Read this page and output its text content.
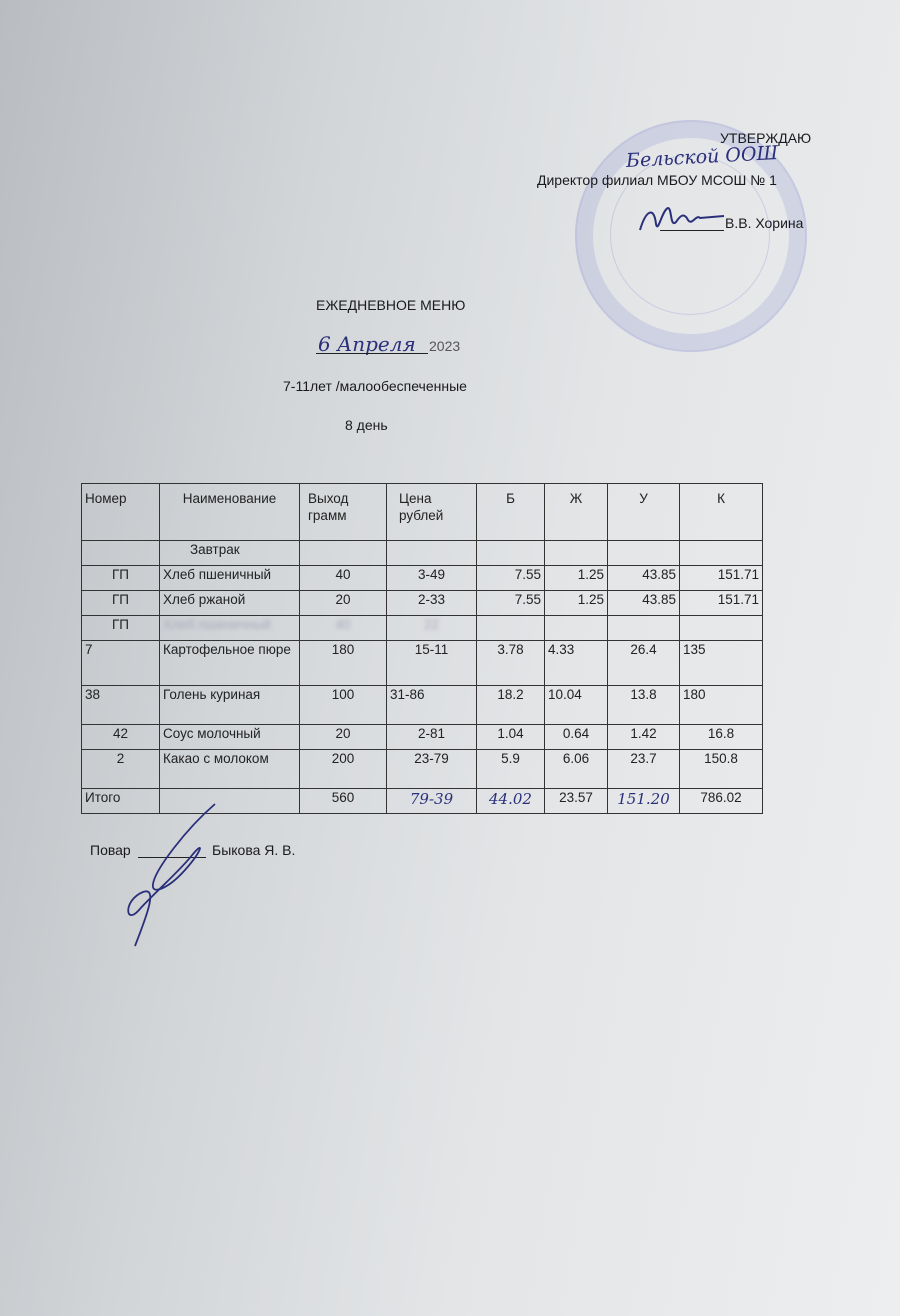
УТВЕРЖДАЮ
Бельской ООШ
Директор филиал МБОУ МСОШ № 1
В.В. Хорина
ЕЖЕДНЕВНОЕ МЕНЮ
6 Апреля 2023
7-11лет /малообеспеченные
8 день
Номер	Наименование	Выход грамм	Цена рублей	Б	Ж	У	К
	Завтрак						
ГП	Хлеб пшеничный	40	3-49	7.55	1.25	43.85	151.71
ГП	Хлеб ржаной	20	2-33	7.55	1.25	43.85	151.71
ГП	Хлеб пшеничный	40	22				
7	Картофельное пюре	180	15-11	3.78	4.33	26.4	135
38	Голень куриная	100	31-86	18.2	10.04	13.8	180
42	Соус молочный	20	2-81	1.04	0.64	1.42	16.8
2	Какао с молоком	200	23-79	5.9	6.06	23.7	150.8
Итого		560	79-39	44.02	23.57	151.20	786.02
Повар	Быкова Я. В.
